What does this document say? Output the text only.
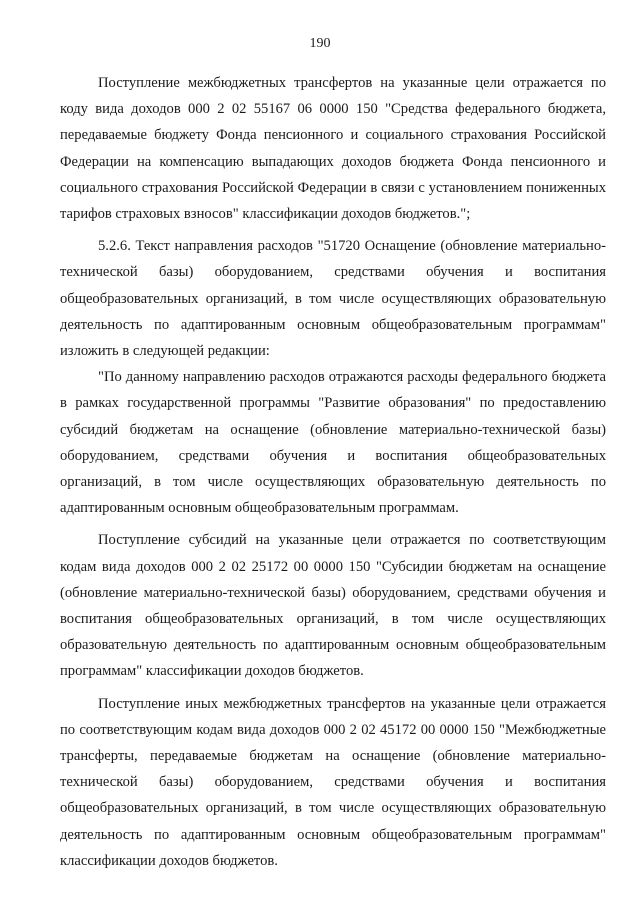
190

Поступление межбюджетных трансфертов на указанные цели отражается по коду вида доходов 000 2 02 55167 06 0000 150 "Средства федерального бюджета, передаваемые бюджету Фонда пенсионного и социального страхования Российской Федерации на компенсацию выпадающих доходов бюджета Фонда пенсионного и социального страхования Российской Федерации в связи с установлением пониженных тарифов страховых взносов" классификации доходов бюджетов.";

5.2.6. Текст направления расходов "51720 Оснащение (обновление материально-технической базы) оборудованием, средствами обучения и воспитания общеобразовательных организаций, в том числе осуществляющих образовательную деятельность по адаптированным основным общеобразовательным программам" изложить в следующей редакции:

"По данному направлению расходов отражаются расходы федерального бюджета в рамках государственной программы "Развитие образования" по предоставлению субсидий бюджетам на оснащение (обновление материально-технической базы) оборудованием, средствами обучения и воспитания общеобразовательных организаций, в том числе осуществляющих образовательную деятельность по адаптированным основным общеобразовательным программам.

Поступление субсидий на указанные цели отражается по соответствующим кодам вида доходов 000 2 02 25172 00 0000 150 "Субсидии бюджетам на оснащение (обновление материально-технической базы) оборудованием, средствами обучения и воспитания общеобразовательных организаций, в том числе осуществляющих образовательную деятельность по адаптированным основным общеобразовательным программам" классификации доходов бюджетов.

Поступление иных межбюджетных трансфертов на указанные цели отражается по соответствующим кодам вида доходов 000 2 02 45172 00 0000 150 "Межбюджетные трансферты, передаваемые бюджетам на оснащение (обновление материально-технической базы) оборудованием, средствами обучения и воспитания общеобразовательных организаций, в том числе осуществляющих образовательную деятельность по адаптированным основным общеобразовательным программам" классификации доходов бюджетов.
